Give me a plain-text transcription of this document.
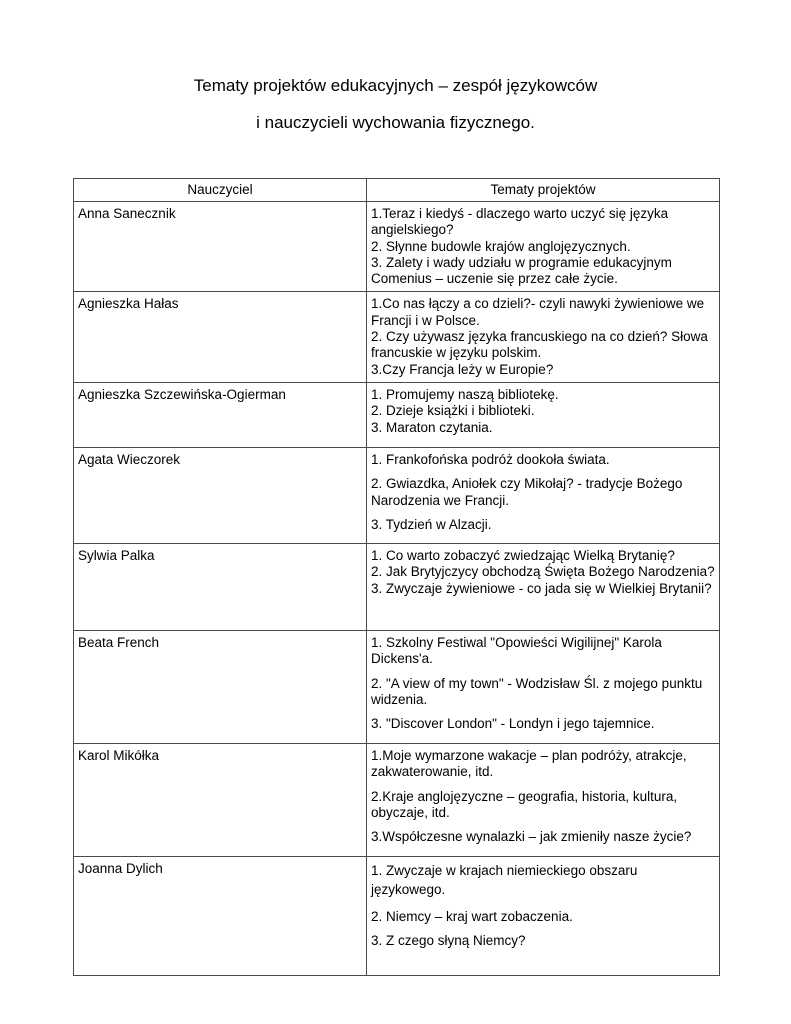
Tematy projektów edukacyjnych – zespół językowców
i nauczycieli wychowania fizycznego.
Nauczyciel	Tematy projektów
Anna Sanecznik	1.Teraz i kiedyś - dlaczego warto uczyć się języka angielskiego?
2. Słynne budowle krajów anglojęzycznych.
3. Zalety i wady udziału w programie edukacyjnym Comenius – uczenie się przez całe życie.

Agnieszka Hałas	1.Co nas łączy a co dzieli?- czyli nawyki żywieniowe we Francji i w Polsce.
2. Czy używasz języka francuskiego na co dzień? Słowa francuskie w języku polskim.
3.Czy Francja leży w Europie?

Agnieszka Szczewińska-Ogierman	1. Promujemy naszą bibliotekę.
2. Dzieje książki i biblioteki.
3. Maraton czytania.

Agata Wieczorek	1. Frankofońska podróż dookoła świata.
2. Gwiazdka, Aniołek czy Mikołaj? - tradycje Bożego Narodzenia we Francji.
3. Tydzień w Alzacji.

Sylwia Palka	1. Co warto zobaczyć zwiedzając Wielką Brytanię?
2. Jak Brytyjczycy obchodzą Święta Bożego Narodzenia?
3. Zwyczaje żywieniowe - co jada się w Wielkiej Brytanii?

Beata French	1. Szkolny Festiwal "Opowieści Wigilijnej" Karola Dickens'a.
2. "A view of my town" - Wodzisław Śl. z mojego punktu widzenia.
3. "Discover London" - Londyn i jego tajemnice.

Karol Mikółka	1.Moje wymarzone wakacje – plan podróży, atrakcje, zakwaterowanie, itd.
2.Kraje anglojęzyczne – geografia, historia, kultura, obyczaje, itd.
3.Współczesne wynalazki – jak zmieniły nasze życie?

Joanna Dylich	1. Zwyczaje w krajach niemieckiego obszaru językowego.
2. Niemcy – kraj wart zobaczenia.
3. Z czego słyną Niemcy?
